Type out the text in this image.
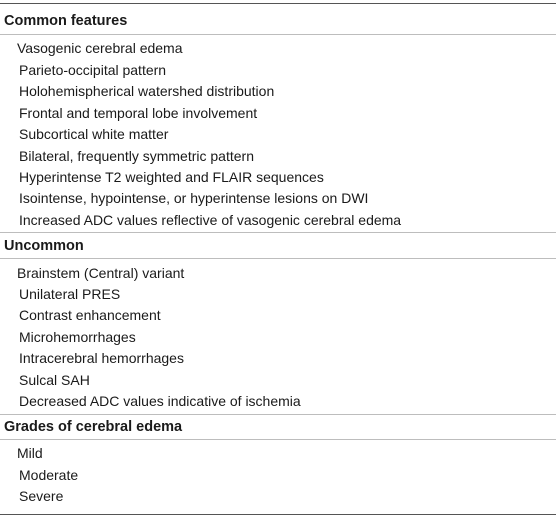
Common features
Vasogenic cerebral edema
Parieto-occipital pattern
Holohemispherical watershed distribution
Frontal and temporal lobe involvement
Subcortical white matter
Bilateral, frequently symmetric pattern
Hyperintense T2 weighted and FLAIR sequences
Isointense, hypointense, or hyperintense lesions on DWI
Increased ADC values reflective of vasogenic cerebral edema
Uncommon
Brainstem (Central) variant
Unilateral PRES
Contrast enhancement
Microhemorrhages
Intracerebral hemorrhages
Sulcal SAH
Decreased ADC values indicative of ischemia
Grades of cerebral edema
Mild
Moderate
Severe
